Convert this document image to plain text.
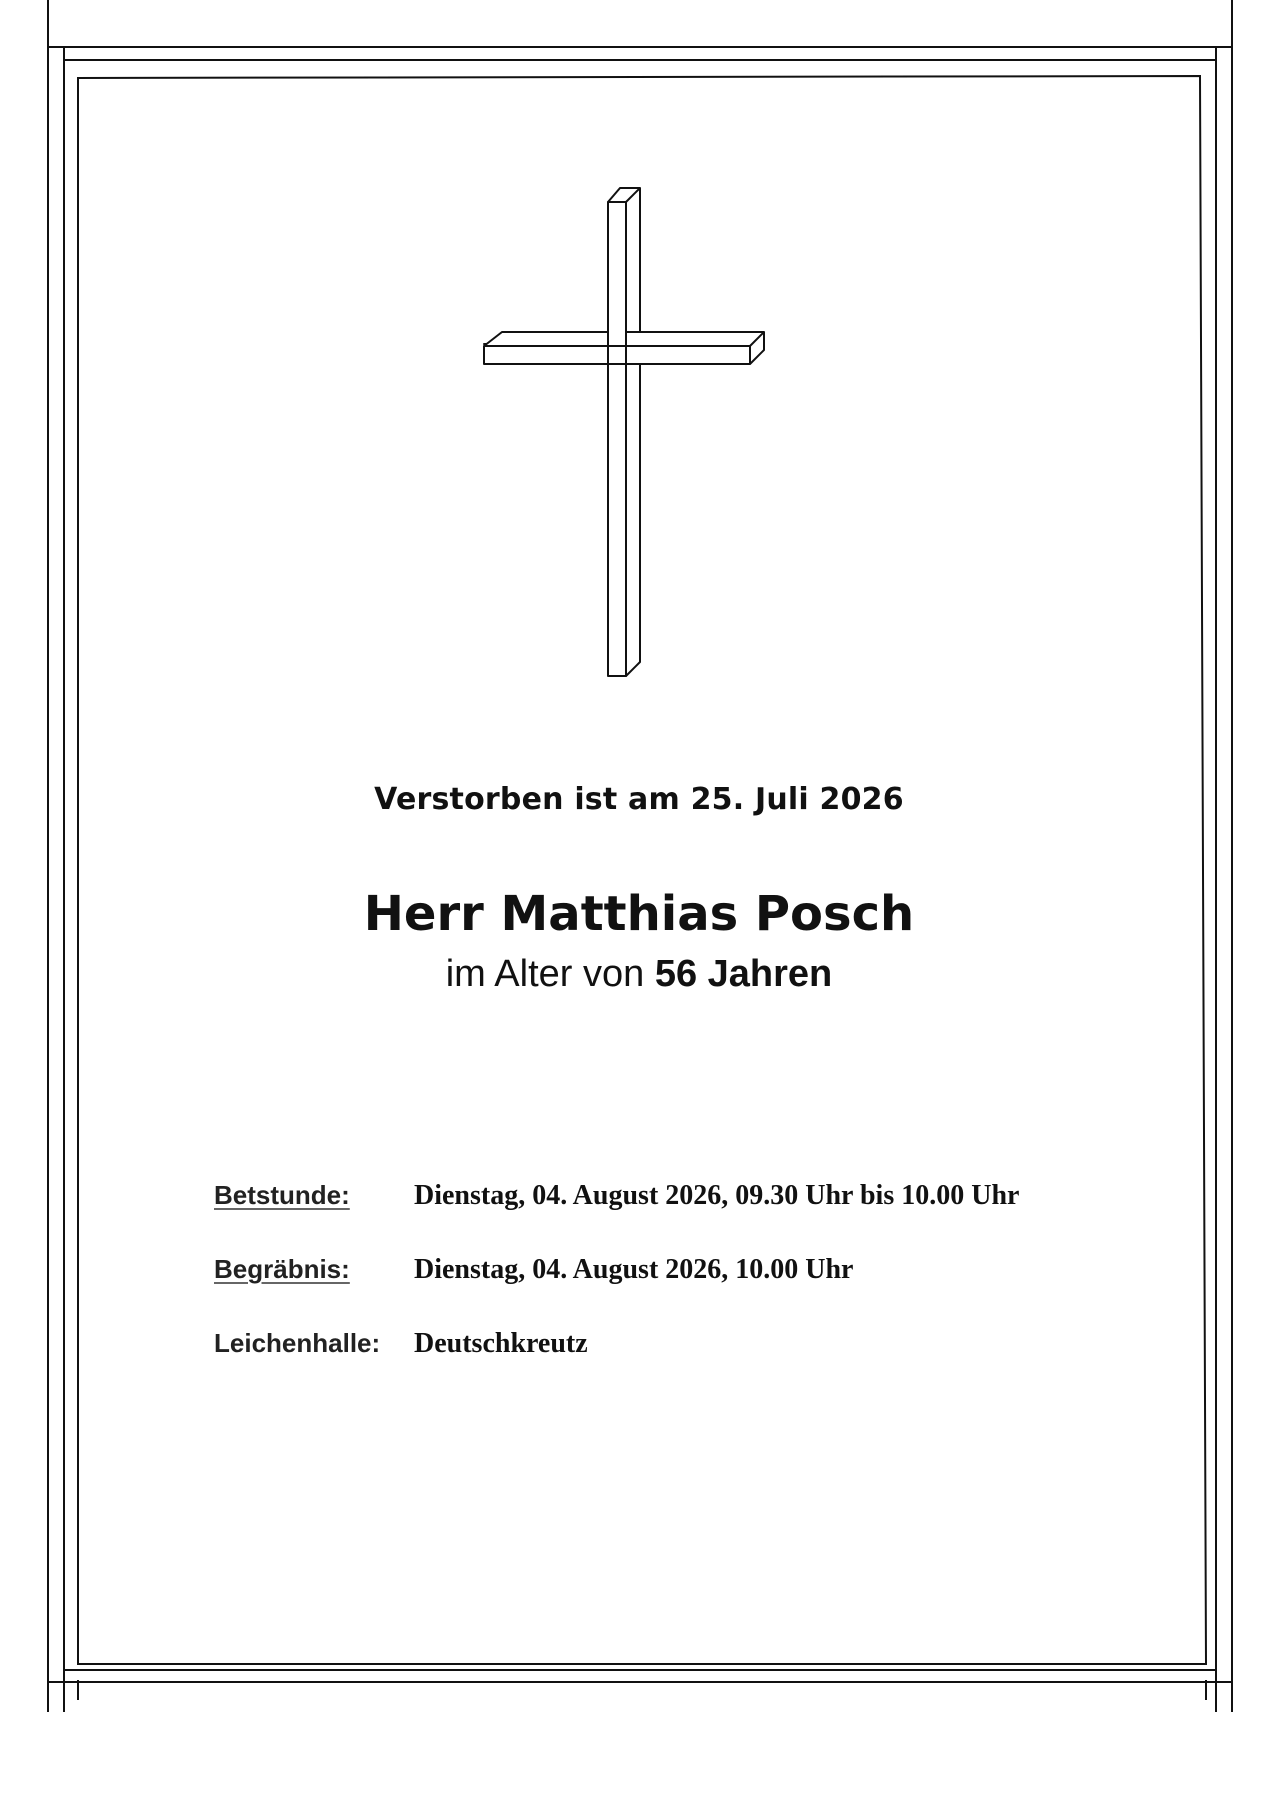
Verstorben ist am 25. Juli 2026
Herr Matthias Posch
im Alter von 56 Jahren
Betstunde:	Dienstag, 04. August 2026, 09.30 Uhr bis 10.00 Uhr
Begräbnis:	Dienstag, 04. August 2026, 10.00 Uhr
Leichenhalle:	Deutschkreutz
